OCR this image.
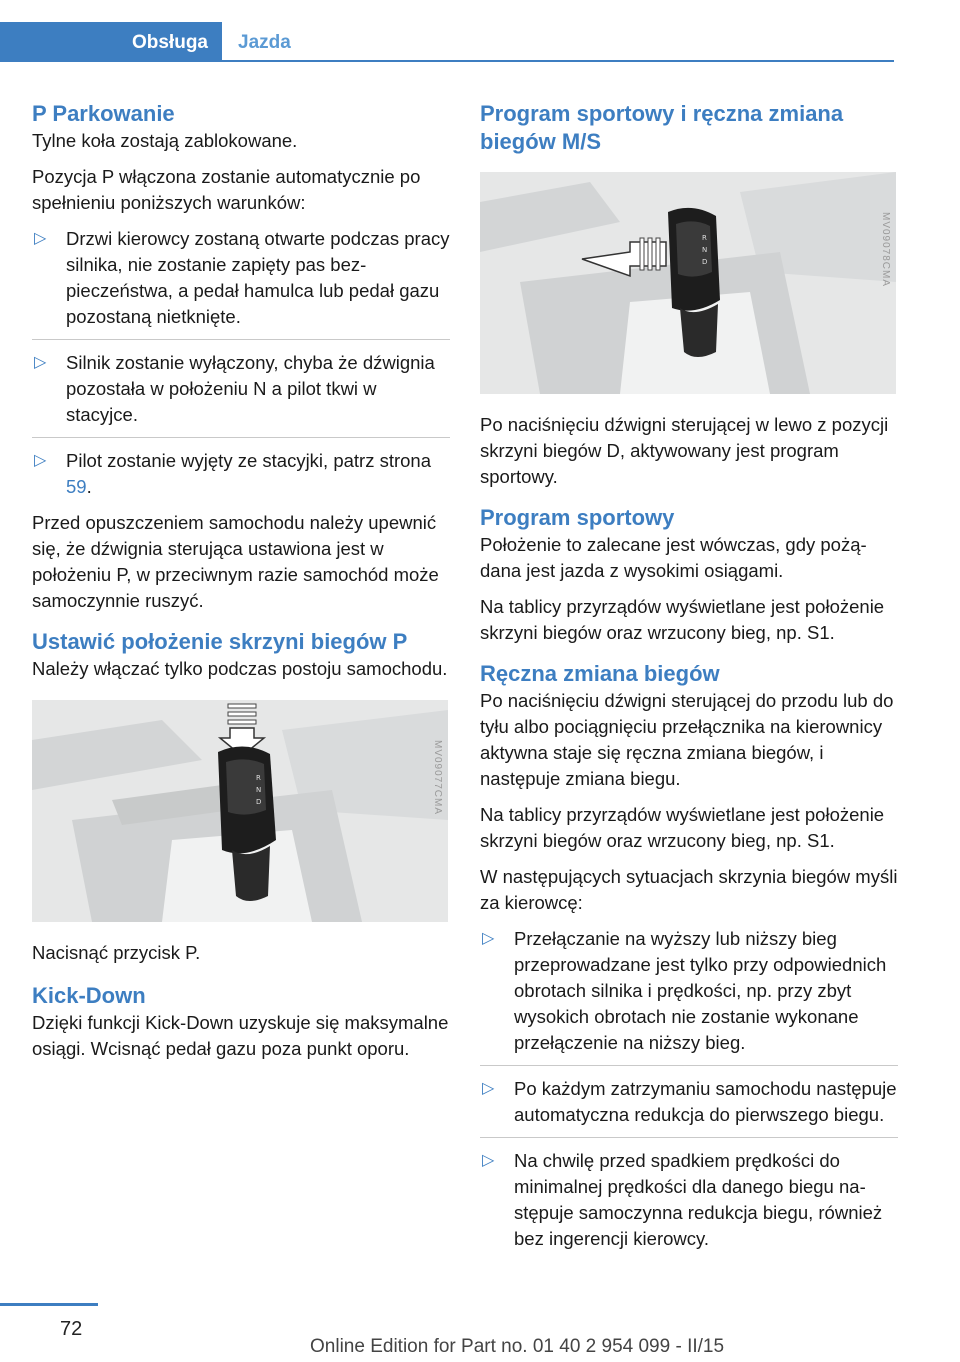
Obsługa	Jazda
P Parkowanie

Tylne koła zostają zablokowane.

Pozycja P włączona zostanie automatycznie po spełnieniu poniższych warunków:

▷ Drzwi kierowcy zostaną otwarte podczas pracy silnika, nie zostanie zapięty pas bezpieczeństwa, a pedał hamulca lub pedał gazu pozostaną nietknięte.
▷ Silnik zostanie wyłączony, chyba że dźwignia pozostała w położeniu N a pilot tkwi w stacyjce.
▷ Pilot zostanie wyjęty ze stacyjki, patrz strona 59.

Przed opuszczeniem samochodu należy upewnić się, że dźwignia sterująca ustawiona jest w położeniu P, w przeciwnym razie samochód może samoczynnie ruszyć.

Ustawić położenie skrzyni biegów P

Należy włączać tylko podczas postoju samochodu.

R
N
D	MV09077CMA

Nacisnąć przycisk P.

Kick-Down

Dzięki funkcji Kick-Down uzyskuje się maksymalne osiągi. Wcisnąć pedał gazu poza punkt oporu.

Program sportowy i ręczna zmiana biegów M/S
R
N
D	MV09078CMA

Po naciśnięciu dźwigni sterującej w lewo z pozycji skrzyni biegów D, aktywowany jest program sportowy.

Program sportowy

Położenie to zalecane jest wówczas, gdy pożądana jest jazda z wysokimi osiągami.

Na tablicy przyrządów wyświetlane jest położenie skrzyni biegów oraz wrzucony bieg, np. S1.

Ręczna zmiana biegów

Po naciśnięciu dźwigni sterującej do przodu lub do tyłu albo pociągnięciu przełącznika na kierownicy aktywna staje się ręczna zmiana biegów, i następuje zmiana biegu.

Na tablicy przyrządów wyświetlane jest położenie skrzyni biegów oraz wrzucony bieg, np. S1.

W następujących sytuacjach skrzynia biegów myśli za kierowcę:

▷ Przełączanie na wyższy lub niższy bieg przeprowadzane jest tylko przy odpowiednich obrotach silnika i prędkości, np. przy zbyt wysokich obrotach nie zostanie wykonane przełączenie na niższy bieg.
▷ Po każdym zatrzymaniu samochodu następuje automatyczna redukcja do pierwszego biegu.
▷ Na chwilę przed spadkiem prędkości do minimalnej prędkości dla danego biegu następuje samoczynna redukcja biegu, również bez ingerencji kierowcy.
72
Online Edition for Part no. 01 40 2 954 099 - II/15
